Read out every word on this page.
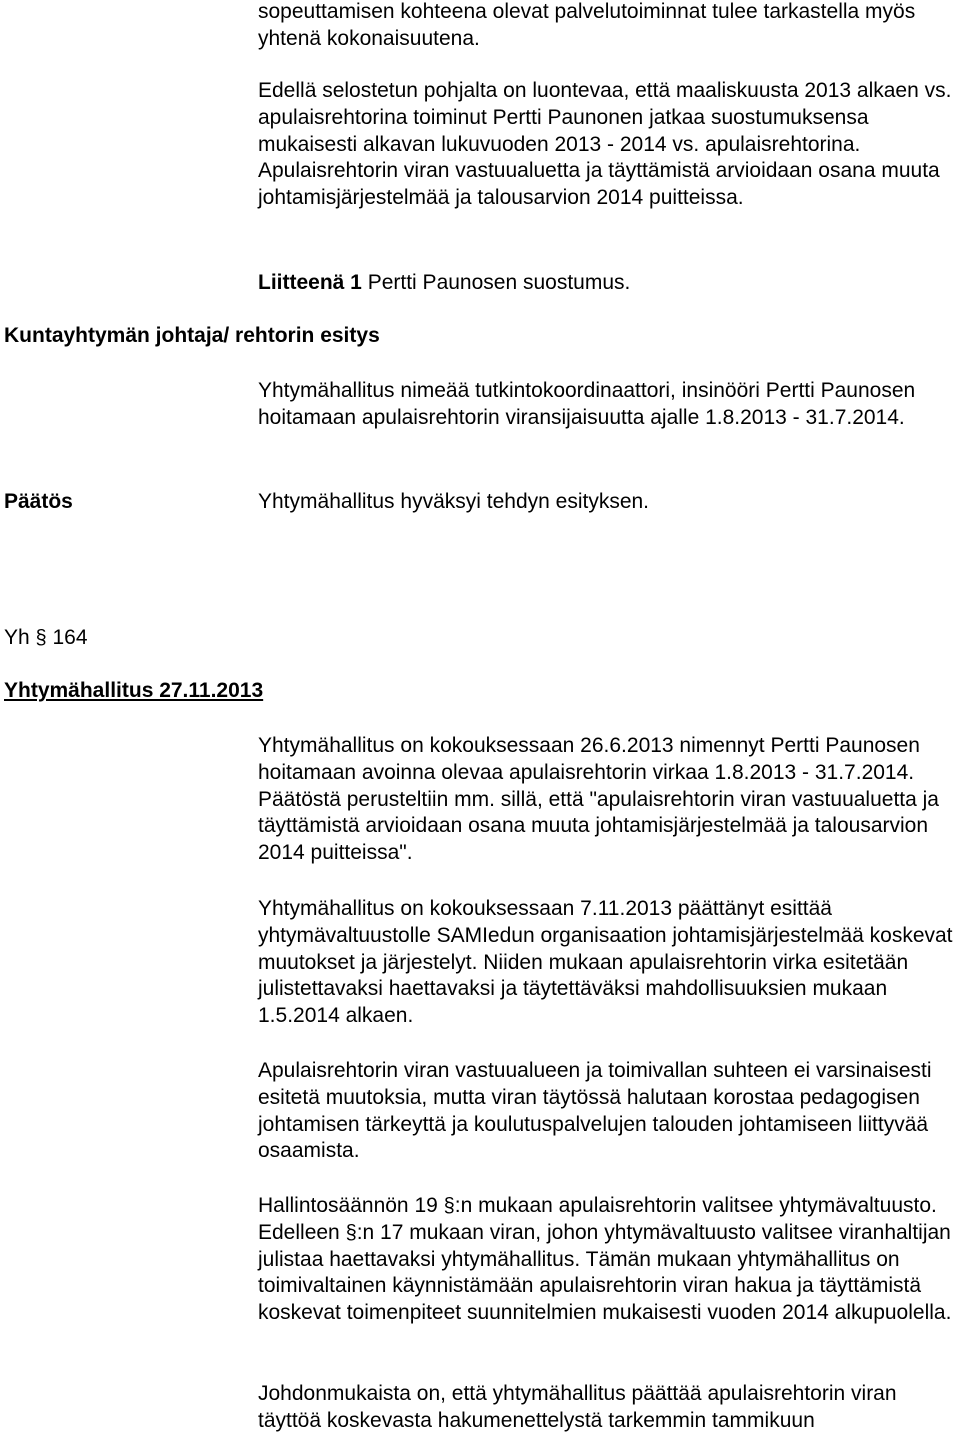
sopeuttamisen kohteena olevat palvelutoiminnat tulee tarkastella myös yhtenä kokonaisuutena.

Edellä selostetun pohjalta on luontevaa, että maaliskuusta 2013 alkaen vs. apulaisrehtorina toiminut Pertti Paunonen jatkaa suostumuksensa mukaisesti alkavan lukuvuoden 2013 - 2014 vs. apulaisrehtorina. Apulaisrehtorin viran vastuualuetta ja täyttämistä arvioidaan osana muuta johtamisjärjestelmää ja talousarvion 2014 puitteissa.

Liitteenä 1 Pertti Paunosen suostumus.

Kuntayhtymän johtaja/ rehtorin esitys

Yhtymähallitus nimeää tutkintokoordinaattori, insinööri Pertti Paunosen hoitamaan apulaisrehtorin viransijaisuutta ajalle 1.8.2013 - 31.7.2014.

Päätös	Yhtymähallitus hyväksyi tehdyn esityksen.

Yh § 164

Yhtymähallitus 27.11.2013

Yhtymähallitus on kokouksessaan 26.6.2013 nimennyt Pertti Paunosen hoitamaan avoinna olevaa apulaisrehtorin virkaa 1.8.2013 - 31.7.2014. Päätöstä perusteltiin mm. sillä, että "apulaisrehtorin viran vastuualuetta ja täyttämistä arvioidaan osana muuta johtamisjärjestelmää ja talousarvion 2014 puitteissa".

Yhtymähallitus on kokouksessaan 7.11.2013 päättänyt esittää yhtymävaltuustolle SAMIedun organisaation johtamisjärjestelmää koskevat muutokset ja järjestelyt. Niiden mukaan apulaisrehtorin virka esitetään julistettavaksi haettavaksi ja täytettäväksi mahdollisuuksien mukaan 1.5.2014 alkaen.

Apulaisrehtorin viran vastuualueen ja toimivallan suhteen ei varsinaisesti esitetä muutoksia, mutta viran täytössä halutaan korostaa pedagogisen johtamisen tärkeyttä ja koulutuspalvelujen talouden johtamiseen liittyvää osaamista.

Hallintosäännön 19 §:n mukaan apulaisrehtorin valitsee yhtymävaltuusto. Edelleen §:n 17 mukaan viran, johon yhtymävaltuusto valitsee viranhaltijan julistaa haettavaksi yhtymähallitus. Tämän mukaan yhtymähallitus on toimivaltainen käynnistämään apulaisrehtorin viran hakua ja täyttämistä koskevat toimenpiteet suunnitelmien mukaisesti vuoden 2014 alkupuolella.

Johdonmukaista on, että yhtymähallitus päättää apulaisrehtorin viran täyttöä koskevasta hakumenettelystä tarkemmin tammikuun
